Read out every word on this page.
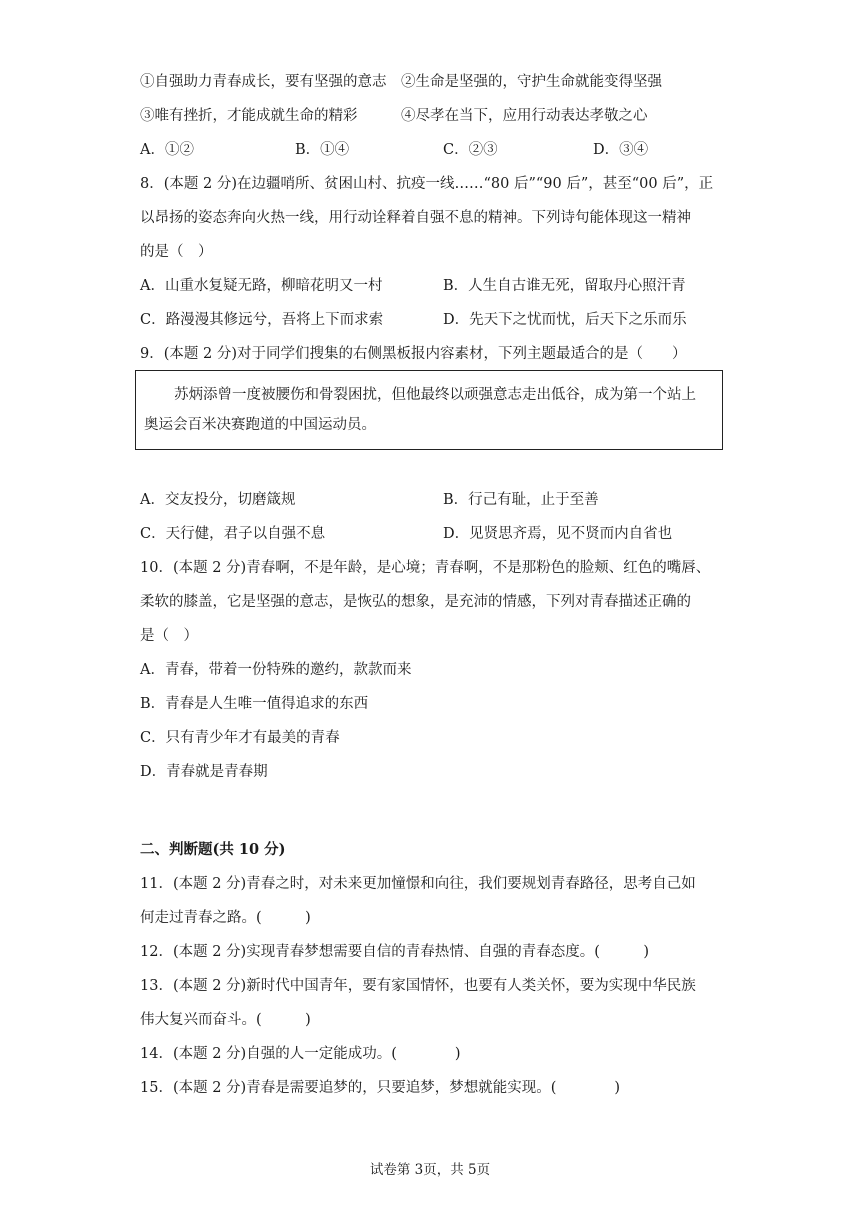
①自强助力青春成长，要有坚强的意志　②生命是坚强的，守护生命就能变得坚强
③唯有挫折，才能成就生命的精彩　　　④尽孝在当下，应用行动表达孝敬之心
A．①②	B．①④	C．②③	D．③④
8．(本题 2 分)在边疆哨所、贫困山村、抗疫一线……“80 后”“90 后”，甚至“00 后”，正
以昂扬的姿态奔向火热一线，用行动诠释着自强不息的精神。下列诗句能体现这一精神
的是（　）
A．山重水复疑无路，柳暗花明又一村	B．人生自古谁无死，留取丹心照汗青
C．路漫漫其修远兮，吾将上下而求索	D．先天下之忧而忧，后天下之乐而乐
9．(本题 2 分)对于同学们搜集的右侧黑板报内容素材，下列主题最适合的是（　　）
苏炳添曾一度被腰伤和骨裂困扰，但他最终以顽强意志走出低谷，成为第一个站上
奥运会百米决赛跑道的中国运动员。
A．交友投分，切磨箴规	B．行己有耻，止于至善
C．天行健，君子以自强不息	D．见贤思齐焉，见不贤而内自省也
10．(本题 2 分)青春啊，不是年龄，是心境；青春啊，不是那粉色的脸颊、红色的嘴唇、
柔软的膝盖，它是坚强的意志，是恢弘的想象，是充沛的情感，下列对青春描述正确的
是（　）
A．青春，带着一份特殊的邀约，款款而来
B．青春是人生唯一值得追求的东西
C．只有青少年才有最美的青春
D．青春就是青春期
二、判断题(共 10 分)
11．(本题 2 分)青春之时，对未来更加憧憬和向往，我们要规划青春路径，思考自己如
何走过青春之路。(　　　)
12．(本题 2 分)实现青春梦想需要自信的青春热情、自强的青春态度。(　　　)
13．(本题 2 分)新时代中国青年，要有家国情怀，也要有人类关怀，要为实现中华民族
伟大复兴而奋斗。(　　　)
14．(本题 2 分)自强的人一定能成功。(　　　　)
15．(本题 2 分)青春是需要追梦的，只要追梦，梦想就能实现。(　　　　)
试卷第 3页，共 5页
